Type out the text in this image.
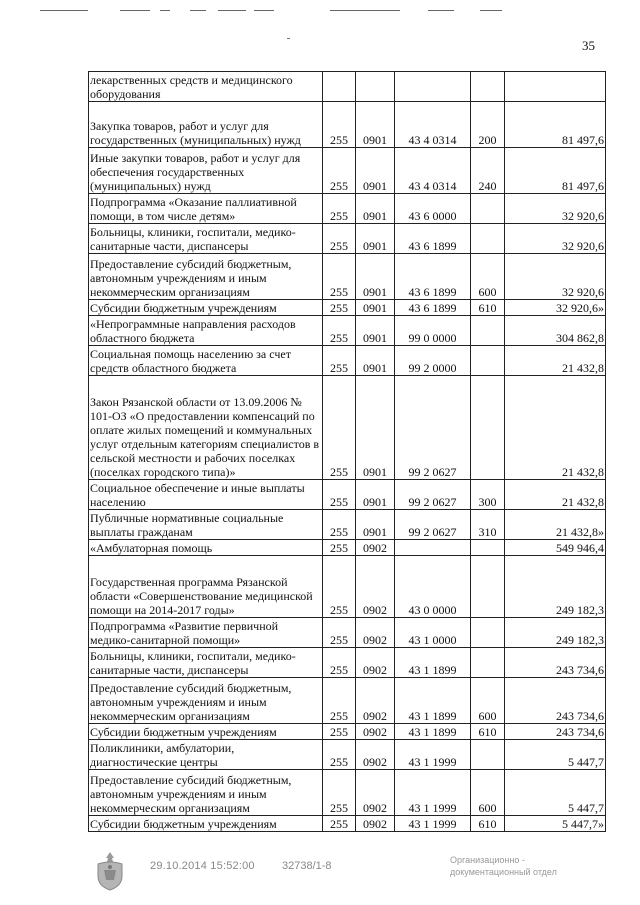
35
лекарственных средств и медицинского оборудования					
Закупка товаров, работ и услуг для государственных (муниципальных) нужд	255	0901	43 4 0314	200	81 497,6
Иные закупки товаров, работ и услуг для обеспечения государственных (муниципальных) нужд	255	0901	43 4 0314	240	81 497,6
Подпрограмма «Оказание паллиативной помощи, в том числе детям»	255	0901	43 6 0000		32 920,6
Больницы, клиники, госпитали, медико-санитарные части, диспансеры	255	0901	43 6 1899		32 920,6
Предоставление субсидий бюджетным, автономным учреждениям и иным некоммерческим организациям	255	0901	43 6 1899	600	32 920,6
Субсидии бюджетным учреждениям	255	0901	43 6 1899	610	32 920,6»
«Непрограммные направления расходов областного бюджета	255	0901	99 0 0000		304 862,8
Социальная помощь населению за счет средств областного бюджета	255	0901	99 2 0000		21 432,8
Закон Рязанской области от 13.09.2006 № 101-ОЗ «О предоставлении компенсаций по оплате жилых помещений и коммунальных услуг отдельным категориям специалистов в сельской местности и рабочих поселках (поселках городского типа)»	255	0901	99 2 0627		21 432,8
Социальное обеспечение и иные выплаты населению	255	0901	99 2 0627	300	21 432,8
Публичные нормативные социальные выплаты гражданам	255	0901	99 2 0627	310	21 432,8»
«Амбулаторная помощь	255	0902			549 946,4
Государственная программа Рязанской области «Совершенствование медицинской помощи на 2014-2017 годы»	255	0902	43 0 0000		249 182,3
Подпрограмма «Развитие первичной медико-санитарной помощи»	255	0902	43 1 0000		249 182,3
Больницы, клиники, госпитали, медико-санитарные части, диспансеры	255	0902	43 1 1899		243 734,6
Предоставление субсидий бюджетным, автономным учреждениям и иным некоммерческим организациям	255	0902	43 1 1899	600	243 734,6
Субсидии бюджетным учреждениям	255	0902	43 1 1899	610	243 734,6
Поликлиники, амбулатории, диагностические центры	255	0902	43 1 1999		5 447,7
Предоставление субсидий бюджетным, автономным учреждениям и иным некоммерческим организациям	255	0902	43 1 1999	600	5 447,7
Субсидии бюджетным учреждениям	255	0902	43 1 1999	610	5 447,7»
29.10.2014 15:52:00 32738/1-8	Организационно -
документационный отдел
